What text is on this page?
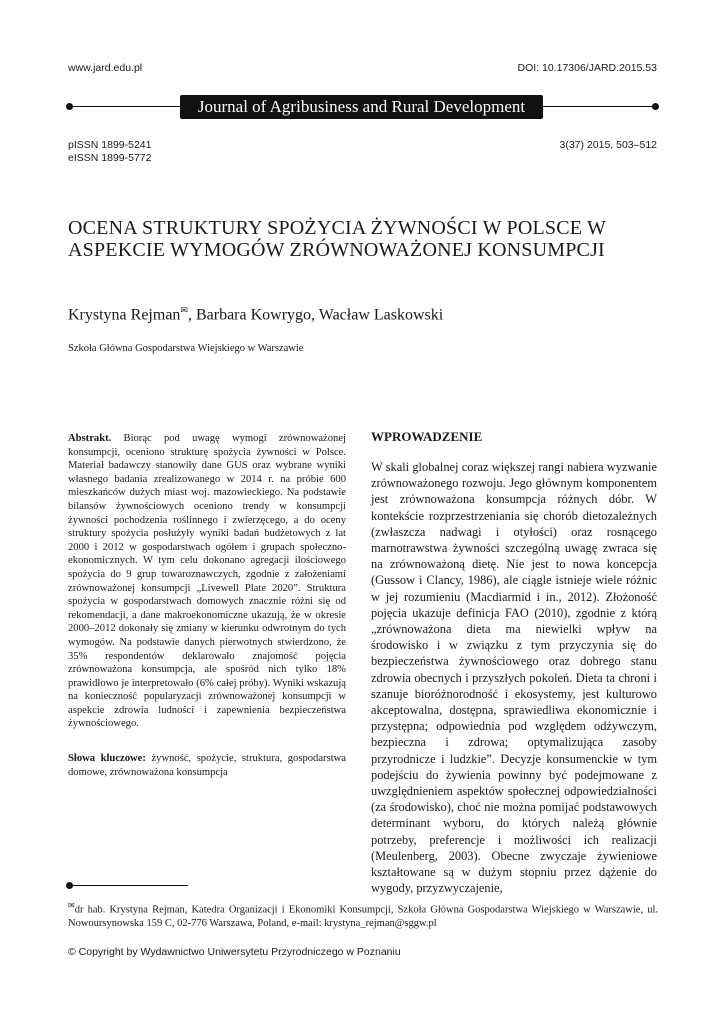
www.jard.edu.pl	DOI: 10.17306/JARD.2015.53
Journal of Agribusiness and Rural Development
pISSN 1899-5241
eISSN 1899-5772
3(37) 2015, 503–512
OCENA STRUKTURY SPOŻYCIA ŻYWNOŚCI W POLSCE W ASPEKCIE WYMOGÓW ZRÓWNOWAŻONEJ KONSUMPCJI
Krystyna Rejman✉, Barbara Kowrygo, Wacław Laskowski
Szkoła Główna Gospodarstwa Wiejskiego w Warszawie

Abstrakt. Biorąc pod uwagę wymogi zrównoważonej konsumpcji, oceniono strukturę spożycia żywności w Polsce. Materiał badawczy stanowiły dane GUS oraz wybrane wyniki własnego badania zrealizowanego w 2014 r. na próbie 600 mieszkańców dużych miast woj. mazowieckiego. Na podstawie bilansów żywnościowych oceniono trendy w konsumpcji żywności pochodzenia roślinnego i zwierzęcego, a do oceny struktury spożycia posłużyły wyniki badań budżetowych z lat 2000 i 2012 w gospodarstwach ogółem i grupach społeczno-ekonomicznych. W tym celu dokonano agregacji ilościowego spożycia do 9 grup towaroznawczych, zgodnie z założeniami zrównoważonej konsumpcji „Livewell Plate 2020”. Struktura spożycia w gospodarstwach domowych znacznie różni się od rekomendacji, a dane makroekonomiczne ukazują, że w okresie 2000–2012 dokonały się zmiany w kierunku odwrotnym do tych wymogów. Na podstawie danych pierwotnych stwierdzono, że 35% respondentów deklarowało znajomość pojęcia zrównoważona konsumpcja, ale spośród nich tylko 18% prawidłowo je interpretowało (6% całej próby). Wyniki wskazują na konieczność popularyzacji zrównoważonej konsumpcji w aspekcie zdrowia ludności i zapewnienia bezpieczeństwa żywnościowego.

Słowa kluczowe: żywność, spożycie, struktura, gospodarstwa domowe, zrównoważona konsumpcja

WPROWADZENIE

W skali globalnej coraz większej rangi nabiera wyzwanie zrównoważonego rozwoju. Jego głównym komponentem jest zrównoważona konsumpcja różnych dóbr. W kontekście rozprzestrzeniania się chorób dietozależnych (zwłaszcza nadwagi i otyłości) oraz rosnącego marnotrawstwa żywności szczególną uwagę zwraca się na zrównoważoną dietę. Nie jest to nowa koncepcja (Gussow i Clancy, 1986), ale ciągle istnieje wiele różnic w jej rozumieniu (Macdiarmid i in., 2012). Złożoność pojęcia ukazuje definicja FAO (2010), zgodnie z którą „zrównoważona dieta ma niewielki wpływ na środowisko i w związku z tym przyczynia się do bezpieczeństwa żywnościowego oraz dobrego stanu zdrowia obecnych i przyszłych pokoleń. Dieta ta chroni i szanuje bioróżnorodność i ekosystemy, jest kulturowo akceptowalna, dostępna, sprawiedliwa ekonomicznie i przystępna; odpowiednia pod względem odżywczym, bezpieczna i zdrowa; optymalizująca zasoby przyrodnicze i ludzkie”. Decyzje konsumenckie w tym podejściu do żywienia powinny być podejmowane z uwzględnieniem aspektów społecznej odpowiedzialności (za środowisko), choć nie można pomijać podstawowych determinant wyboru, do których należą głównie potrzeby, preferencje i możliwości ich realizacji (Meulenberg, 2003). Obecne zwyczaje żywieniowe kształtowane są w dużym stopniu przez dążenie do wygody, przyzwyczajenie,

✉dr hab. Krystyna Rejman, Katedra Organizacji i Ekonomiki Konsumpcji, Szkoła Główna Gospodarstwa Wiejskiego w Warszawie, ul. Nowoursynowska 159 C, 02-776 Warszawa, Poland, e-mail: krystyna_rejman@sggw.pl

© Copyright by Wydawnictwo Uniwersytetu Przyrodniczego w Poznaniu
